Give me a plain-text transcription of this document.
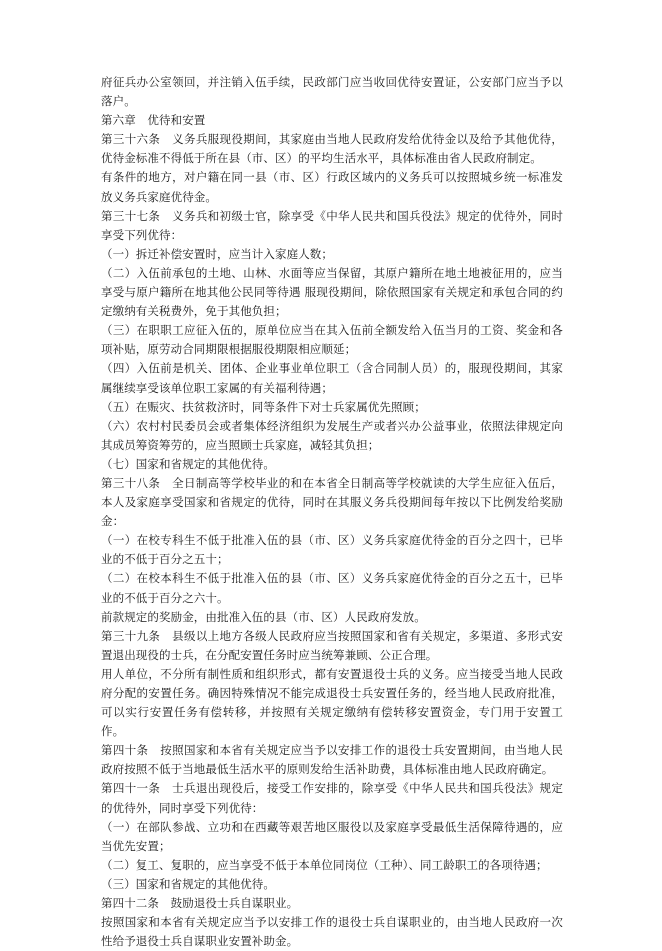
府征兵办公室领回，并注销入伍手续，民政部门应当收回优待安置证，公安部门应当予以落户。

第六章　优待和安置

第三十六条　义务兵服现役期间，其家庭由当地人民政府发给优待金以及给予其他优待，优待金标准不得低于所在县（市、区）的平均生活水平，具体标准由省人民政府制定。

有条件的地方，对户籍在同一县（市、区）行政区域内的义务兵可以按照城乡统一标准发放义务兵家庭优待金。

第三十七条　义务兵和初级士官，除享受《中华人民共和国兵役法》规定的优待外，同时享受下列优待：

（一）拆迁补偿安置时，应当计入家庭人数；

（二）入伍前承包的土地、山林、水面等应当保留，其原户籍所在地土地被征用的，应当享受与原户籍所在地其他公民同等待遇 服现役期间，除依照国家有关规定和承包合同的约定缴纳有关税费外，免于其他负担；

（三）在职职工应征入伍的，原单位应当在其入伍前全额发给入伍当月的工资、奖金和各项补贴，原劳动合同期限根据服役期限相应顺延；

（四）入伍前是机关、团体、企业事业单位职工（含合同制人员）的，服现役期间，其家属继续享受该单位职工家属的有关福利待遇；

（五）在赈灾、扶贫救济时，同等条件下对士兵家属优先照顾；

（六）农村村民委员会或者集体经济组织为发展生产或者兴办公益事业，依照法律规定向其成员筹资筹劳的，应当照顾士兵家庭，减轻其负担；

（七）国家和省规定的其他优待。

第三十八条　全日制高等学校毕业的和在本省全日制高等学校就读的大学生应征入伍后，本人及家庭享受国家和省规定的优待，同时在其服义务兵役期间每年按以下比例发给奖励金：

（一）在校专科生不低于批准入伍的县（市、区）义务兵家庭优待金的百分之四十，已毕业的不低于百分之五十；

（二）在校本科生不低于批准入伍的县（市、区）义务兵家庭优待金的百分之五十，已毕业的不低于百分之六十。

前款规定的奖励金，由批准入伍的县（市、区）人民政府发放。

第三十九条　县级以上地方各级人民政府应当按照国家和省有关规定，多渠道、多形式安置退出现役的士兵，在分配安置任务时应当统筹兼顾、公正合理。

用人单位，不分所有制性质和组织形式，都有安置退役士兵的义务。应当接受当地人民政府分配的安置任务。确因特殊情况不能完成退役士兵安置任务的，经当地人民政府批准，可以实行安置任务有偿转移，并按照有关规定缴纳有偿转移安置资金，专门用于安置工作。

第四十条　按照国家和本省有关规定应当予以安排工作的退役士兵安置期间，由当地人民政府按照不低于当地最低生活水平的原则发给生活补助费，具体标准由地人民政府确定。

第四十一条　士兵退出现役后，接受工作安排的，除享受《中华人民共和国兵役法》规定的优待外，同时享受下列优待：

（一）在部队参战、立功和在西藏等艰苦地区服役以及家庭享受最低生活保障待遇的，应当优先安置；

（二）复工、复职的，应当享受不低于本单位同岗位（工种）、同工龄职工的各项待遇；

（三）国家和省规定的其他优待。

第四十二条　鼓励退役士兵自谋职业。

按照国家和本省有关规定应当予以安排工作的退役士兵自谋职业的，由当地人民政府一次性给予退役士兵自谋职业安置补助金。
